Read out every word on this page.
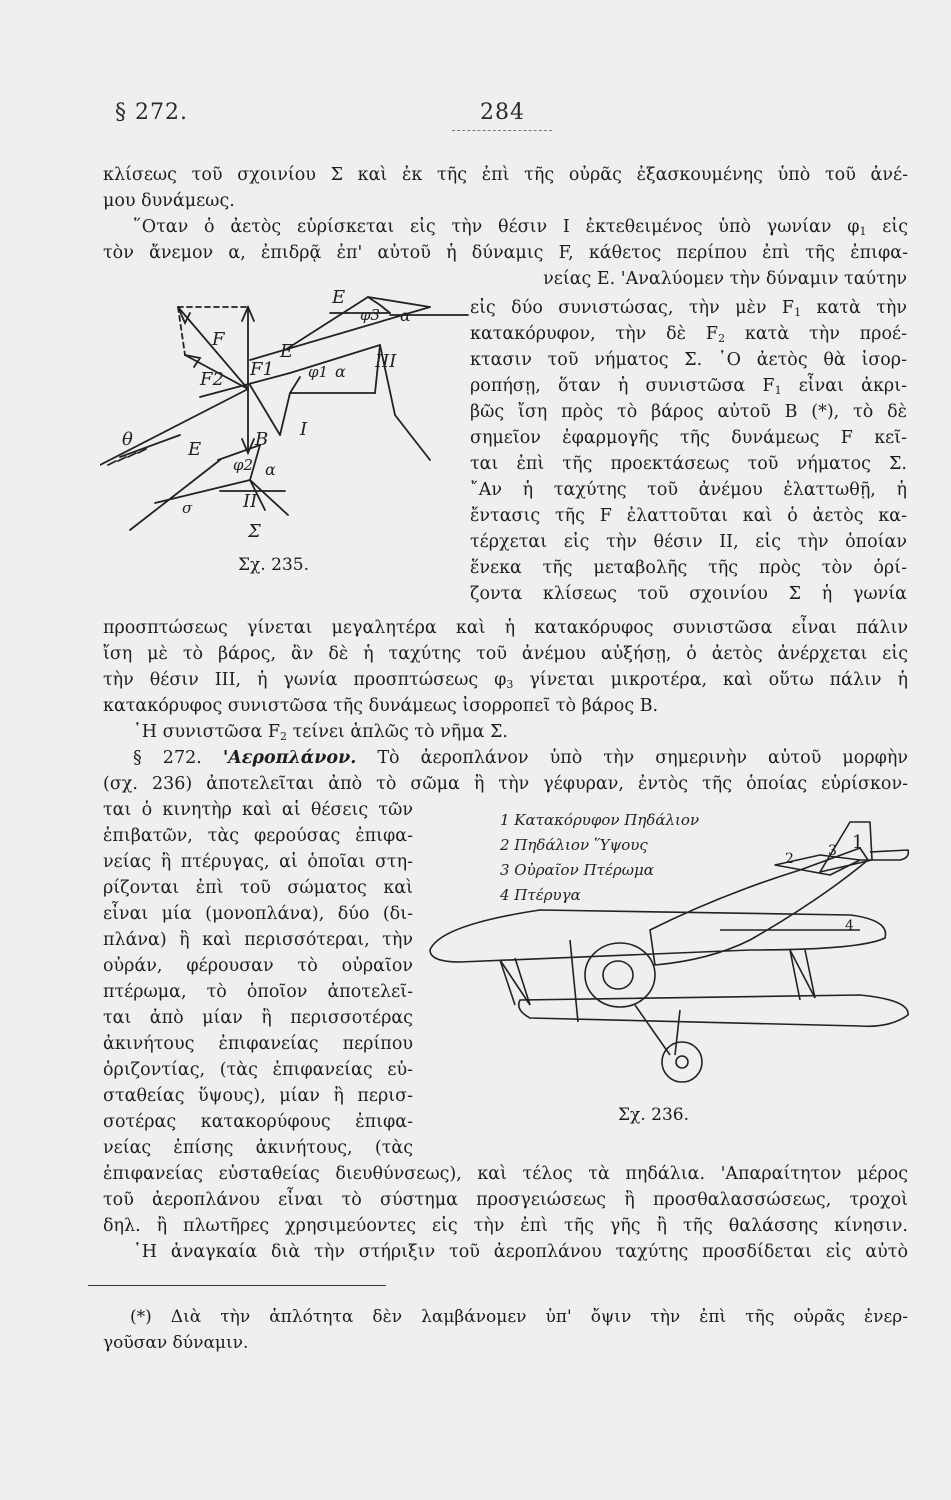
§ 272.	284
κλίσεως τοῦ σχοινίου Σ καὶ ἐκ τῆς ἐπὶ τῆς οὐρᾶς ἐξασκουμένης ὑπὸ τοῦ ἀνέ-
μου δυνάμεως.
῞Οταν ὁ ἀετὸς εὑρίσκεται εἰς τὴν θέσιν Ι ἐκτεθειμένος ὑπὸ γωνίαν $\varphi_1$ εἰς
τὸν ἄνεμον α, ἐπιδρᾷ ἐπ' αὐτοῦ ἡ δύναμις F, κάθετος περίπου ἐπὶ τῆς ἐπιφα-
νείας Ε. 'Αναλύομεν τὴν δύναμιν ταύτην
εἰς δύο συνιστώσας, τὴν μὲν $F_1$ κατὰ τὴν
κατακόρυφον, τὴν δὲ $F_2$ κατὰ τὴν προέ-
κτασιν τοῦ νήματος Σ. ῾Ο ἀετὸς θὰ ἰσορ-
ροπήσῃ, ὅταν ἡ συνιστῶσα $F_1$ εἶναι ἀκρι-
βῶς ἴση πρὸς τὸ βάρος αὐτοῦ Β (*), τὸ δὲ
σημεῖον ἐφαρμογῆς τῆς δυνάμεως F κεῖ-
ται ἐπὶ τῆς προεκτάσεως τοῦ νήματος Σ.
῎Αν ἡ ταχύτης τοῦ ἀνέμου ἐλαττωθῇ, ἡ
ἔντασις τῆς F ἐλαττοῦται καὶ ὁ ἀετὸς κα-
τέρχεται εἰς τὴν θέσιν ΙΙ, εἰς τὴν ὁποίαν
ἕνεκα τῆς μεταβολῆς τῆς πρὸς τὸν ὁρί-
ζοντα κλίσεως τοῦ σχοινίου Σ ἡ γωνία
E
φ3 α
F
F2 F1
E
φ1 α III
I
B
θ	E
φ2 α
II
σ
Σ
Σχ. 235.
προσπτώσεως γίνεται μεγαλητέρα καὶ ἡ κατακόρυφος συνιστῶσα εἶναι πάλιν
ἴση μὲ τὸ βάρος, ἂν δὲ ἡ ταχύτης τοῦ ἀνέμου αὐξήσῃ, ὁ ἀετὸς ἀνέρχεται εἰς
τὴν θέσιν ΙΙΙ, ἡ γωνία προσπτώσεως $\varphi_3$ γίνεται μικροτέρα, καὶ οὕτω πάλιν ἡ
κατακόρυφος συνιστῶσα τῆς δυνάμεως ἰσορροπεῖ τὸ βάρος Β.
῾Η συνιστῶσα $F_2$ τείνει ἁπλῶς τὸ νῆμα Σ.
§ 272. 'Αεροπλάνον. Τὸ ἀεροπλάνον ὑπὸ τὴν σημερινὴν αὐτοῦ μορφὴν
(σχ. 236) ἀποτελεῖται ἀπὸ τὸ σῶμα ἢ τὴν γέφυραν, ἐντὸς τῆς ὁποίας εὑρίσκον-
ται ὁ κινητὴρ καὶ αἱ θέσεις τῶν
ἐπιβατῶν, τὰς φερούσας ἐπιφα-
νείας ἢ πτέρυγας, αἱ ὁποῖαι στη-
ρίζονται ἐπὶ τοῦ σώματος καὶ
εἶναι μία (μονοπλάνα), δύο (δι-
πλάνα) ἢ καὶ περισσότεραι, τὴν
οὐράν, φέρουσαν τὸ οὐραῖον
πτέρωμα, τὸ ὁποῖον ἀποτελεῖ-
ται ἀπὸ μίαν ἢ περισσοτέρας
ἀκινήτους ἐπιφανείας περίπου
ὁριζοντίας, (τὰς ἐπιφανείας εὐ-
σταθείας ὕψους), μίαν ἢ περισ-
σοτέρας κατακορύφους ἐπιφα-
νείας ἐπίσης ἀκινήτους, (τὰς
1 Κατακόρυφον Πηδάλιον
2 Πηδάλιον Ὕψους
3 Οὐραῖον Πτέρωμα
4 Πτέρυγα
1
2 3
4
Σχ. 236.
ἐπιφανείας εὐσταθείας διευθύνσεως), καὶ τέλος τὰ πηδάλια. 'Απαραίτητον μέρος
τοῦ ἀεροπλάνου εἶναι τὸ σύστημα προσγειώσεως ἢ προσθαλασσώσεως, τροχοὶ
δηλ. ἢ πλωτῆρες χρησιμεύοντες εἰς τὴν ἐπὶ τῆς γῆς ἢ τῆς θαλάσσης κίνησιν.
῾Η ἀναγκαία διὰ τὴν στήριξιν τοῦ ἀεροπλάνου ταχύτης προσδίδεται εἰς αὐτὸ
(*) Διὰ τὴν ἁπλότητα δὲν λαμβάνομεν ὑπ' ὄψιν τὴν ἐπὶ τῆς οὐρᾶς ἐνερ-
γοῦσαν δύναμιν.
